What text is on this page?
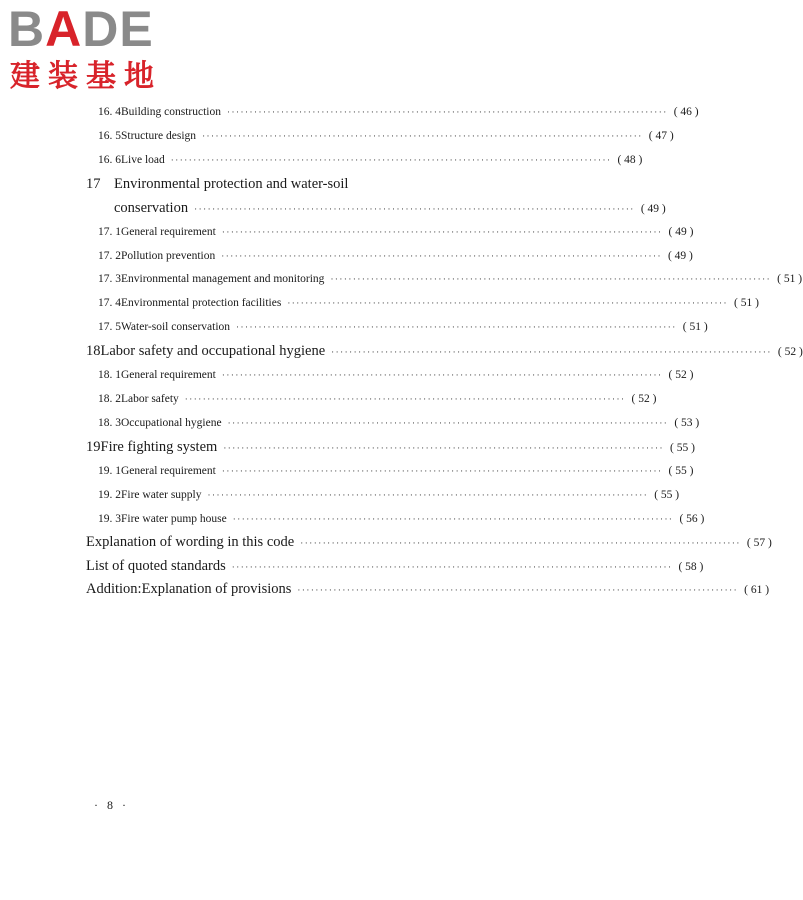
BADE
建装基地
16. 4 Building construction ·································································································· ( 46 )
16. 5 Structure design ·································································································· ( 47 )
16. 6 Live load ·································································································· ( 48 )
17 Environmental protection and water-soil
conservation ·································································································· ( 49 )
17. 1 General requirement ·································································································· ( 49 )
17. 2 Pollution prevention ·································································································· ( 49 )
17. 3 Environmental management and monitoring ·································································································· ( 51 )
17. 4 Environmental protection facilities ·································································································· ( 51 )
17. 5 Water-soil conservation ·································································································· ( 51 )
18 Labor safety and occupational hygiene ·································································································· ( 52 )
18. 1 General requirement ·································································································· ( 52 )
18. 2 Labor safety ·································································································· ( 52 )
18. 3 Occupational hygiene ·································································································· ( 53 )
19 Fire fighting system ·································································································· ( 55 )
19. 1 General requirement ·································································································· ( 55 )
19. 2 Fire water supply ·································································································· ( 55 )
19. 3 Fire water pump house ·································································································· ( 56 )
Explanation of wording in this code ·································································································· ( 57 )
List of quoted standards ·································································································· ( 58 )
Addition:Explanation of provisions ·································································································· ( 61 )
· 8 ·
